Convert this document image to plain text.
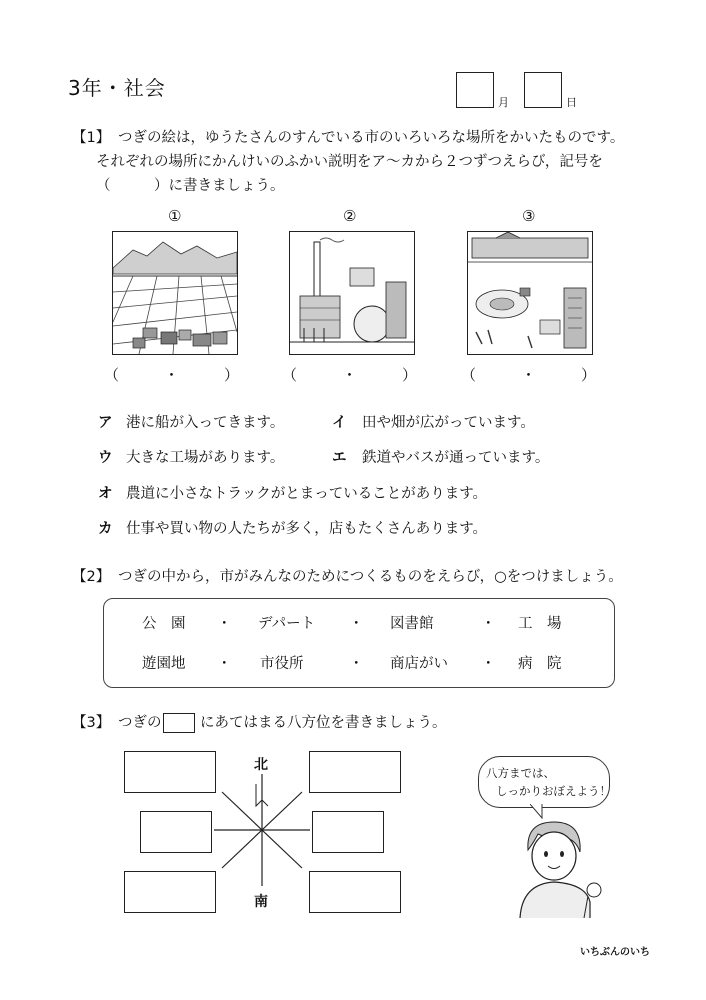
3年・社会
月	日
【1】 つぎの絵は，ゆうたさんのすんでいる市のいろいろな場所をかいたものです。
それぞれの場所にかんけいのふかい説明をア〜カから２つずつえらび，記号を
（　　　）に書きましょう。
①	②	③
（　　　・　　　）	（　　　・　　　）	（　　　・　　　）
ア 港に船が入ってきます。	イ 田や畑が広がっています。
ウ 大きな工場があります。	エ 鉄道やバスが通っています。
オ 農道に小さなトラックがとまっていることがあります。
カ 仕事や買い物の人たちが多く，店もたくさんあります。
【2】 つぎの中から，市がみんなのためにつくるものをえらび，○をつけましょう。
公　園 ・ デパート ・ 図書館	・ 工　場
遊園地 ・ 市役所	・ 商店がい ・ 病　院
【3】 つぎの	にあてはまる八方位を書きましょう。
北
南
八方までは、
しっかりおぼえよう！
いちぶんのいち
